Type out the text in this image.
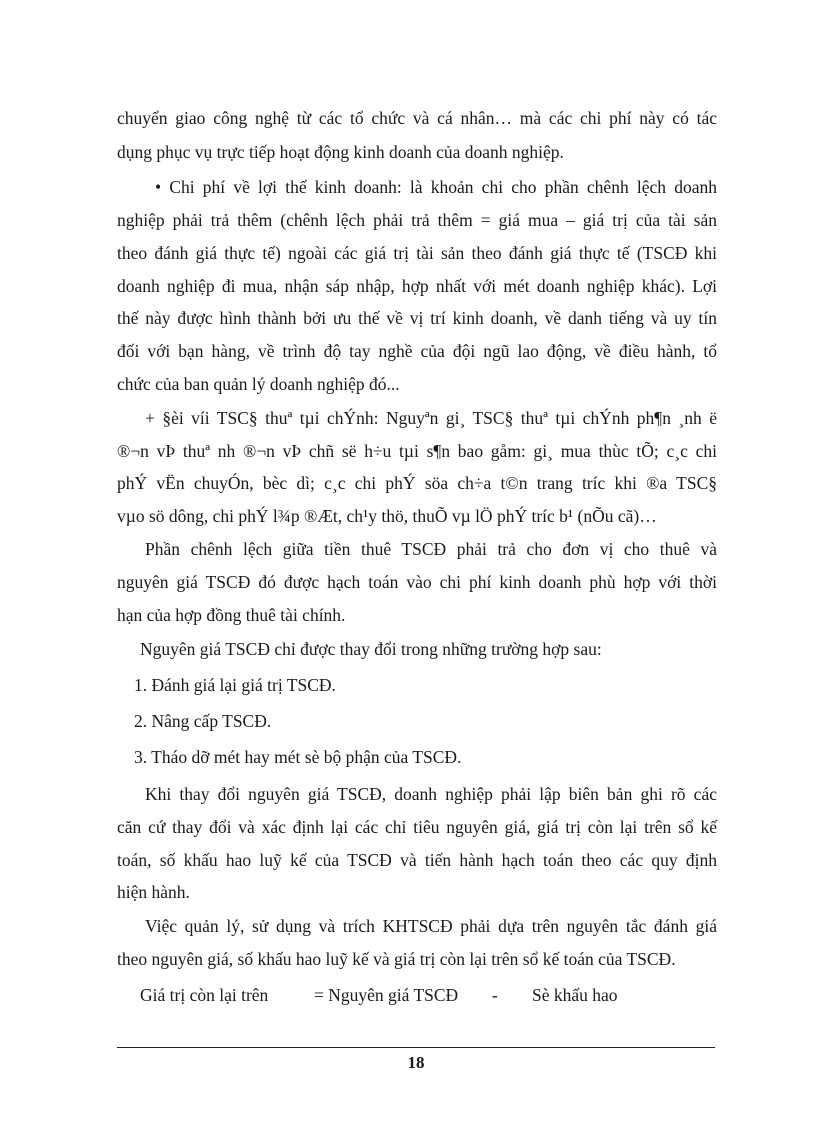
chuyển giao công nghệ từ các tổ chức và cá nhân… mà các chi phí này có tác
dụng phục vụ trực tiếp hoạt động kinh doanh của doanh nghiệp.
• Chi phí về lợi thế kinh doanh: là khoản chi cho phần chênh lệch doanh
nghiệp phải trả thêm (chênh lệch phải trả thêm = giá mua – giá trị của tài sản
theo đánh giá thực tế) ngoài các giá trị tài sản theo đánh giá thực tế (TSCĐ khi
doanh nghiệp đi mua, nhận sáp nhập, hợp nhất với mét doanh nghiệp khác). Lợi
thế này được hình thành bởi ưu thế về vị trí kinh doanh, về danh tiếng và uy tín
đối với bạn hàng, về trình độ tay nghề của đội ngũ lao động, về điều hành, tổ
chức của ban quản lý doanh nghiệp đó...
+ §èi víi TSC§ thuª tµi chÝnh: Nguyªn gi¸ TSC§ thuª tµi chÝnh ph¶n ¸nh ë
®¬n vÞ thuª nh ®¬n vÞ chñ së h÷u tµi s¶n bao gåm: gi¸ mua thùc tÕ; c¸c chi
phÝ vËn chuyÓn, bèc dì; c¸c chi phÝ söa ch÷a t©n trang tríc khi ®a TSC§
vµo sö dông, chi phÝ l¾p ®Æt, ch¹y thö, thuÕ vµ lÖ phÝ tríc b¹ (nÕu cã)…
Phần chênh lệch giữa tiền thuê TSCĐ phải trả cho đơn vị cho thuê và
nguyên giá TSCĐ đó được hạch toán vào chi phí kinh doanh phù hợp với thời
hạn của hợp đồng thuê tài chính.
Nguyên giá TSCĐ chỉ được thay đổi trong những trường hợp sau:
1. Đánh giá lại giá trị TSCĐ.
2. Nâng cấp TSCĐ.
3. Tháo dỡ mét hay mét sè bộ phận của TSCĐ.
Khi thay đổi nguyên giá TSCĐ, doanh nghiệp phải lập biên bản ghi rõ các
căn cứ thay đổi và xác định lại các chỉ tiêu nguyên giá, giá trị còn lại trên sổ kế
toán, số khấu hao luỹ kế của TSCĐ và tiến hành hạch toán theo các quy định
hiện hành.
Việc quản lý, sử dụng và trích KHTSCĐ phải dựa trên nguyên tắc đánh giá
theo nguyên giá, số khấu hao luỹ kế và giá trị còn lại trên sổ kế toán của TSCĐ.
Giá trị còn lại trên	= Nguyên giá TSCĐ - Sè khấu hao
18
